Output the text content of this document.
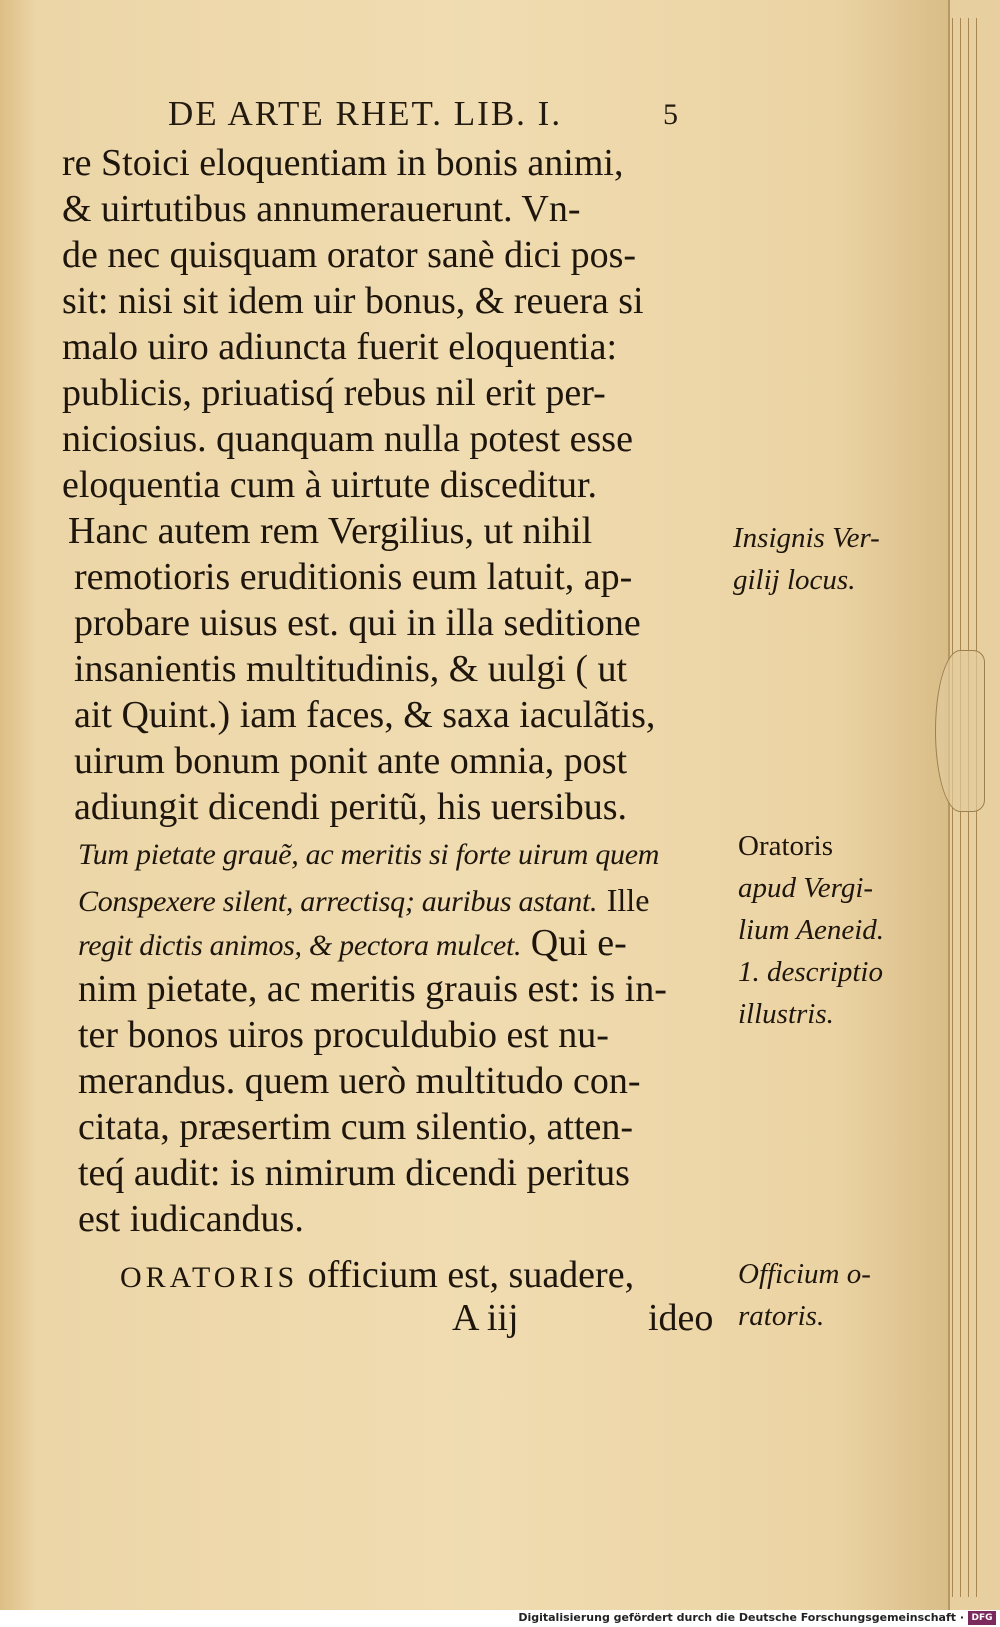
DE ARTE RHET. LIB. I.	5
re Stoici eloquentiam in bonis animi,
& uirtutibus annumerauerunt. Vn-
de nec quisquam orator sanè dici pos-
sit: nisi sit idem uir bonus, & reuera si
malo uiro adiuncta fuerit eloquentia:
publicis, priuatisq́ rebus nil erit per-
niciosius. quanquam nulla potest esse
eloquentia cum à uirtute disceditur.
Hanc autem rem Vergilius, ut nihil
remotioris eruditionis eum latuit, ap-
probare uisus est. qui in illa seditione
insanientis multitudinis, & uulgi ( ut
ait Quint.) iam faces, & saxa iaculãtis,
uirum bonum ponit ante omnia, post
adiungit dicendi peritũ, his uersibus.
Tum pietate grauẽ, ac meritis si forte uirum quem
Conspexere silent, arrectisq; auribus astant. Ille
regit dictis animos, & pectora mulcet. Qui e-
nim pietate, ac meritis grauis est: is in-
ter bonos uiros proculdubio est nu-
merandus. quem uerò multitudo con-
citata, præsertim cum silentio, atten-
teq́ audit: is nimirum dicendi peritus
est iudicandus.
ORATORIS officium est, suadere,
A iij	ideo
Insignis Ver-
gilij locus.
Oratoris
apud Vergi-
lium Aeneid.
1. descriptio
illustris.
Officium o-
ratoris.
Digitalisierung gefördert durch die Deutsche Forschungsgemeinschaft · DFG
